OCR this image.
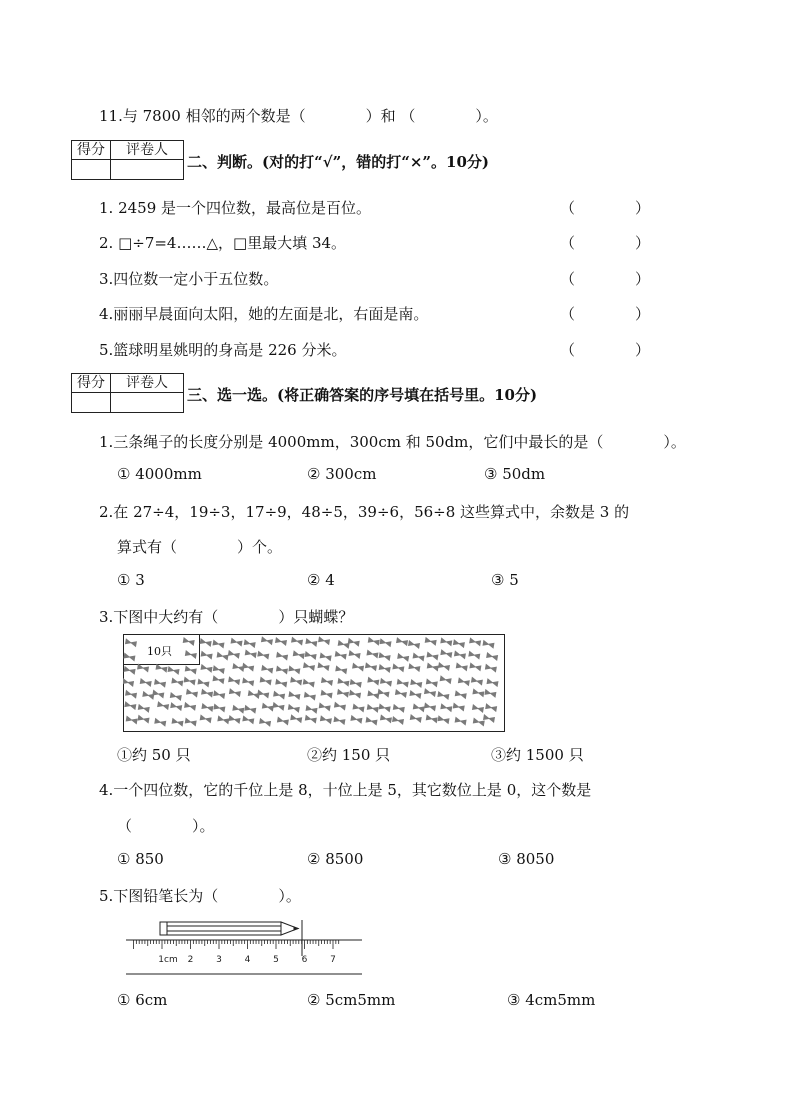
11.与 7800 相邻的两个数是（　　　　）和 （　　　　）。
得分	评卷人
二、判断。(对的打“√”，错的打“×”。10分)
1. 2459 是一个四位数，最高位是百位。	（　　　　）
2. □÷7=4……△，□里最大填 34。	（　　　　）
3.四位数一定小于五位数。	（　　　　）
4.丽丽早晨面向太阳，她的左面是北，右面是南。	（　　　　）
5.篮球明星姚明的身高是 226 分米。	（　　　　）
得分	评卷人
三、选一选。(将正确答案的序号填在括号里。10分)
1.三条绳子的长度分别是 4000mm，300cm 和 50dm，它们中最长的是（　　　　）。
① 4000mm	② 300cm	③ 50dm
2.在 27÷4，19÷3，17÷9，48÷5，39÷6，56÷8 这些算式中，余数是 3 的
算式有（　　　　）个。
① 3	② 4	③ 5
3.下图中大约有（　　　　）只蝴蝶？
10只
①约 50 只	②约 150 只	③约 1500 只
4.一个四位数，它的千位上是 8，十位上是 5，其它数位上是 0，这个数是
（　　　　）。
① 850	② 8500	③ 8050
5.下图铅笔长为（　　　　）。
1cm 2	3	4	5	6	7
① 6cm	② 5cm5mm	③ 4cm5mm
